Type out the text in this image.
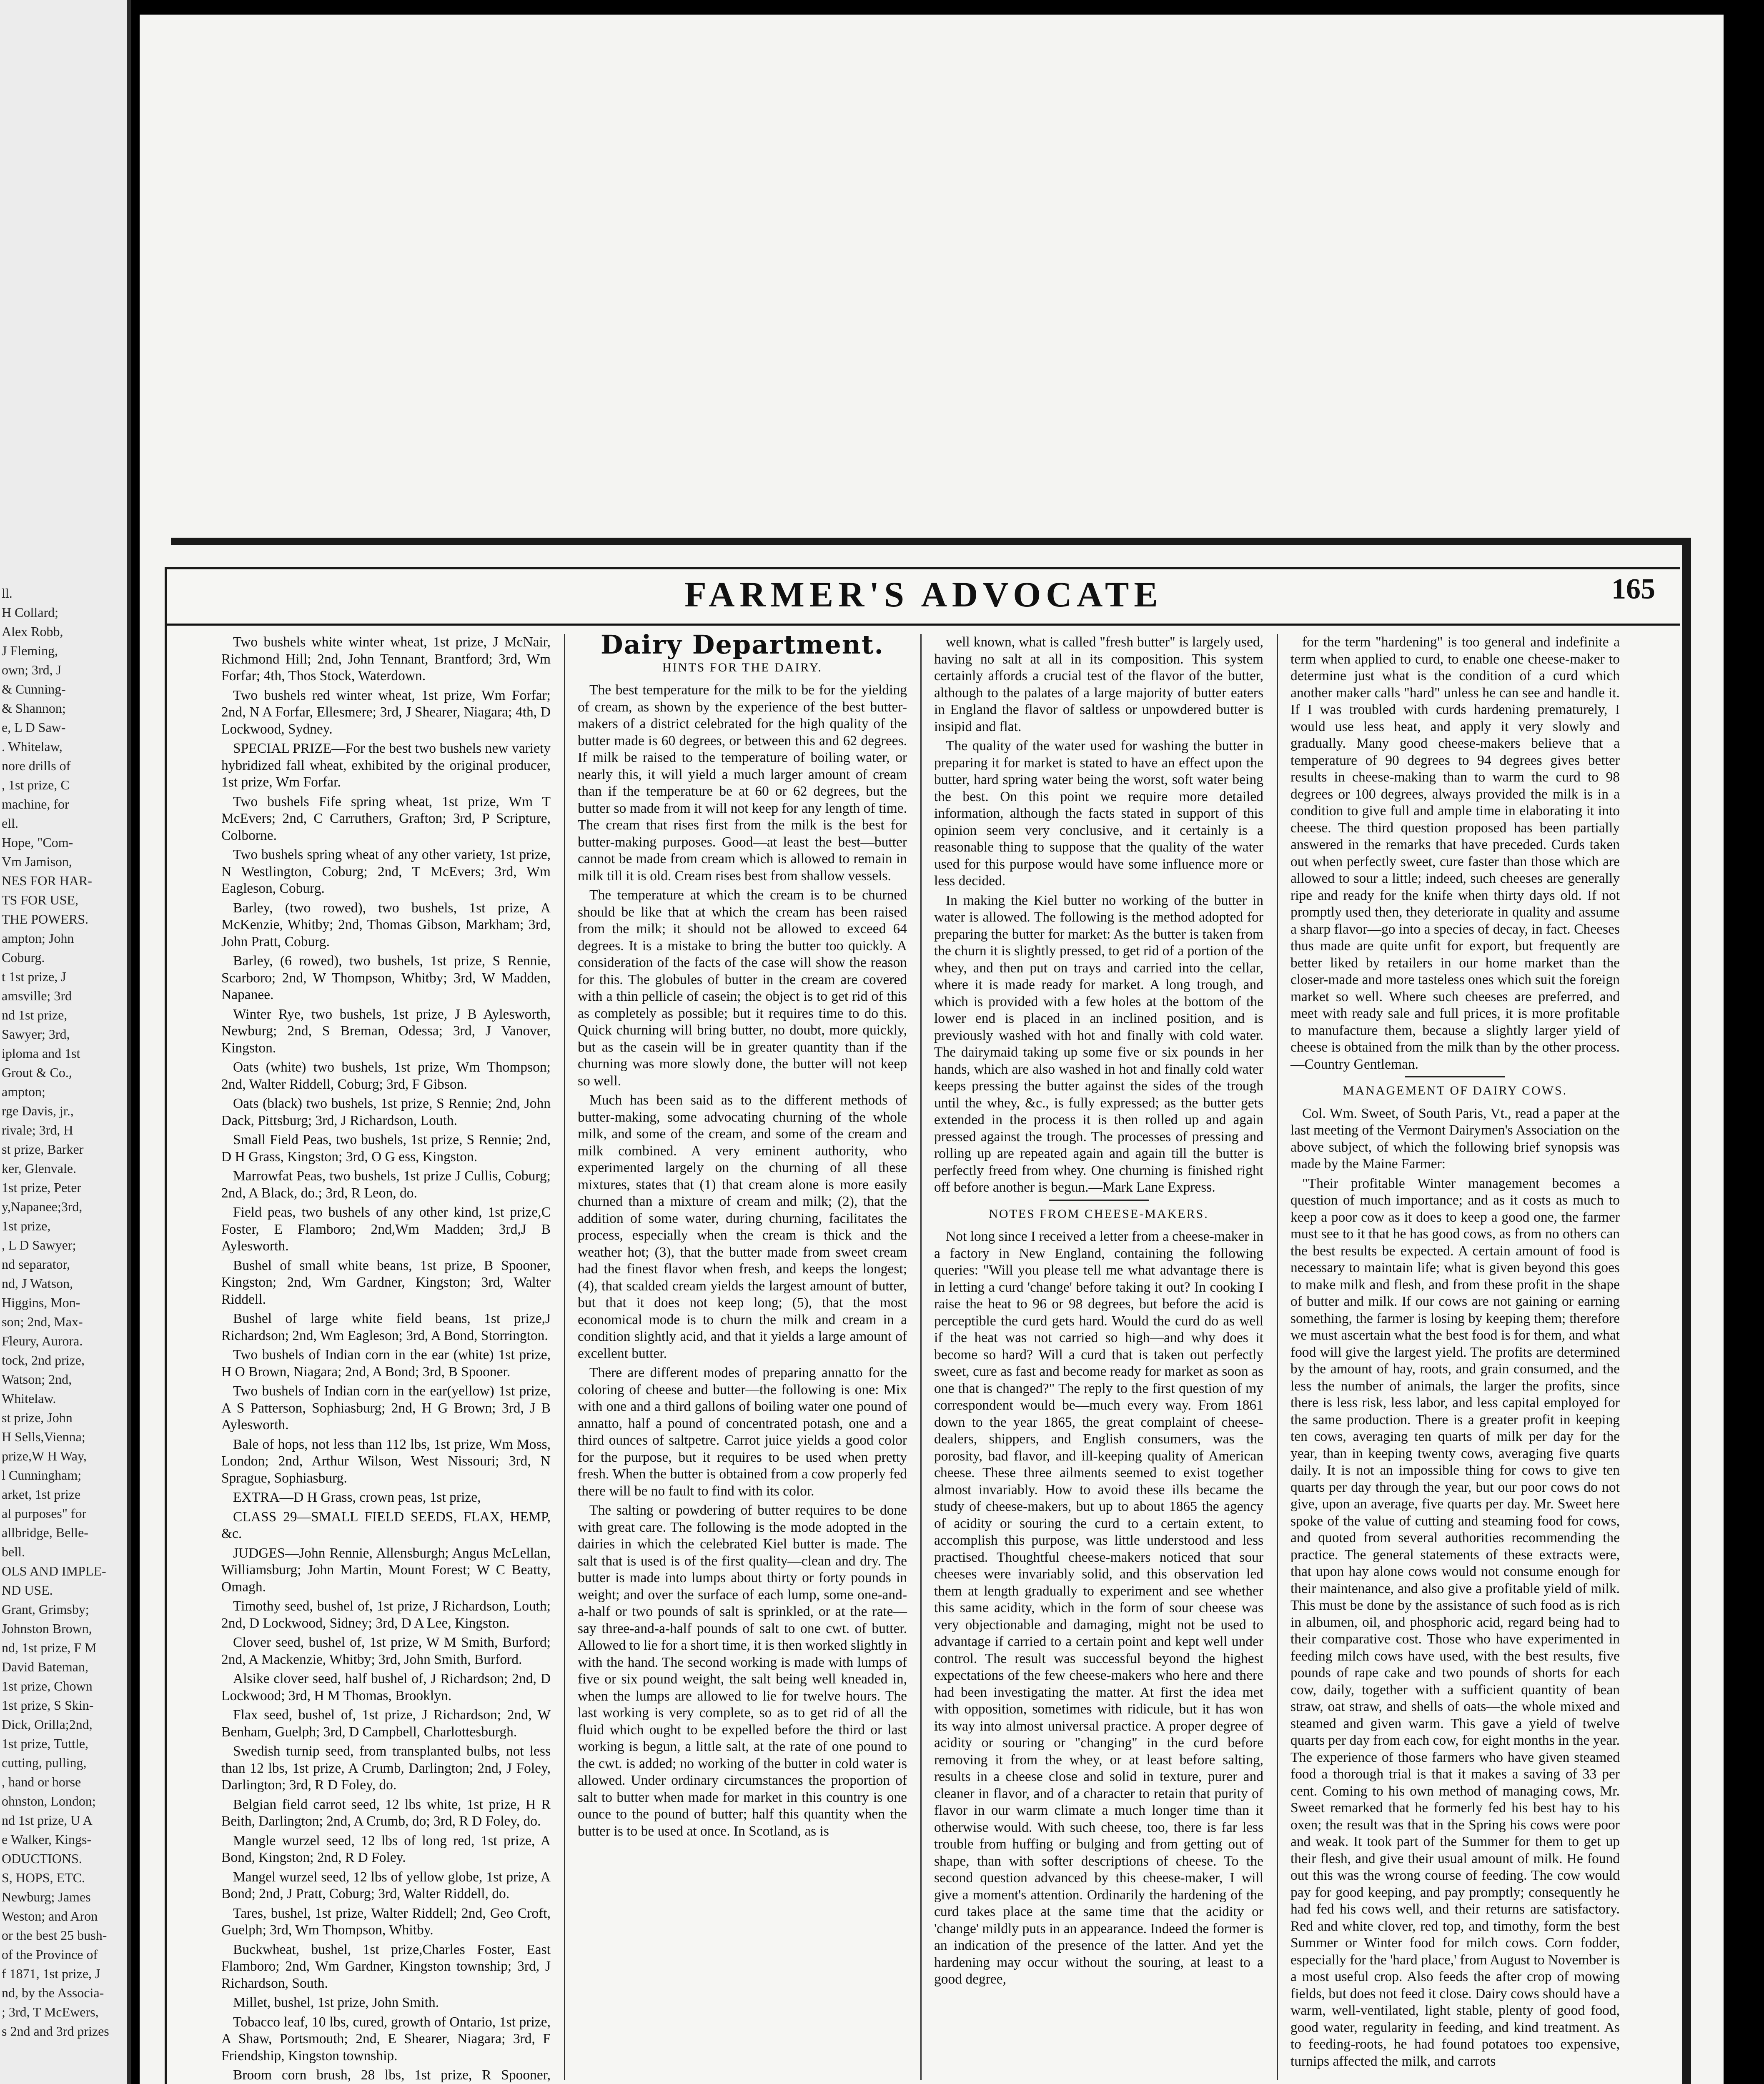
ll.
H Collard;
Alex Robb,
J Fleming,
own; 3rd, J
& Cunning-
& Shannon;
e, L D Saw-
. Whitelaw,
nore drills of
, 1st prize, C
machine, for
ell.
Hope, "Com-
Vm Jamison,
NES FOR HAR-
TS FOR USE,
THE POWERS.
ampton; John
Coburg.
t 1st prize, J
amsville; 3rd
nd 1st prize,
Sawyer; 3rd,
iploma and 1st
Grout & Co.,
ampton;
rge Davis, jr.,
rivale; 3rd, H
st prize, Barker
ker, Glenvale.
1st prize, Peter
y,Napanee;3rd,
1st prize,
, L D Sawyer;
nd separator,
nd, J Watson,
Higgins, Mon-
son; 2nd, Max-
Fleury, Aurora.
tock, 2nd prize,
Watson; 2nd,
Whitelaw.
st prize, John
H Sells,Vienna;
prize,W H Way,
l Cunningham;
arket, 1st prize
al purposes" for
allbridge, Belle-
bell.
OLS AND IMPLE-
ND USE.
Grant, Grimsby;
Johnston Brown,
nd, 1st prize, F M
David Bateman,
1st prize, Chown
1st prize, S Skin-
Dick, Orilla;2nd,
1st prize, Tuttle,
cutting, pulling,
, hand or horse
ohnston, London;
nd 1st prize, U A
e Walker, Kings-
ODUCTIONS.
S, HOPS, ETC.
Newburg; James
Weston; and Aron
or the best 25 bush-
of the Province of
f 1871, 1st prize, J
nd, by the Associa-
; 3rd, T McEwers,
s 2nd and 3rd prizes
FARMER'S ADVOCATE	165

Two bushels white winter wheat, 1st prize, J McNair, Richmond Hill; 2nd, John Tennant, Brantford; 3rd, Wm Forfar; 4th, Thos Stock, Waterdown.

Two bushels red winter wheat, 1st prize, Wm Forfar; 2nd, N A Forfar, Ellesmere; 3rd, J Shearer, Niagara; 4th, D Lockwood, Sydney.

SPECIAL PRIZE—For the best two bushels new variety hybridized fall wheat, exhibited by the original producer, 1st prize, Wm Forfar.

Two bushels Fife spring wheat, 1st prize, Wm T McEvers; 2nd, C Carruthers, Grafton; 3rd, P Scripture, Colborne.

Two bushels spring wheat of any other variety, 1st prize, N Westlington, Coburg; 2nd, T McEvers; 3rd, Wm Eagleson, Coburg.

Barley, (two rowed), two bushels, 1st prize, A McKenzie, Whitby; 2nd, Thomas Gibson, Markham; 3rd, John Pratt, Coburg.

Barley, (6 rowed), two bushels, 1st prize, S Rennie, Scarboro; 2nd, W Thompson, Whitby; 3rd, W Madden, Napanee.

Winter Rye, two bushels, 1st prize, J B Aylesworth, Newburg; 2nd, S Breman, Odessa; 3rd, J Vanover, Kingston.

Oats (white) two bushels, 1st prize, Wm Thompson; 2nd, Walter Riddell, Coburg; 3rd, F Gibson.

Oats (black) two bushels, 1st prize, S Rennie; 2nd, John Dack, Pittsburg; 3rd, J Richardson, Louth.

Small Field Peas, two bushels, 1st prize, S Rennie; 2nd, D H Grass, Kingston; 3rd, O G ess, Kingston.

Marrowfat Peas, two bushels, 1st prize J Cullis, Coburg; 2nd, A Black, do.; 3rd, R Leon, do.

Field peas, two bushels of any other kind, 1st prize,C Foster, E Flamboro; 2nd,Wm Madden; 3rd,J B Aylesworth.

Bushel of small white beans, 1st prize, B Spooner, Kingston; 2nd, Wm Gardner, Kingston; 3rd, Walter Riddell.

Bushel of large white field beans, 1st prize,J Richardson; 2nd, Wm Eagleson; 3rd, A Bond, Storrington.

Two bushels of Indian corn in the ear (white) 1st prize, H O Brown, Niagara; 2nd, A Bond; 3rd, B Spooner.

Two bushels of Indian corn in the ear(yellow) 1st prize, A S Patterson, Sophiasburg; 2nd, H G Brown; 3rd, J B Aylesworth.

Bale of hops, not less than 112 lbs, 1st prize, Wm Moss, London; 2nd, Arthur Wilson, West Nissouri; 3rd, N Sprague, Sophiasburg.

EXTRA—D H Grass, crown peas, 1st prize,

CLASS 29—SMALL FIELD SEEDS, FLAX, HEMP, &c.

JUDGES—John Rennie, Allensburgh; Angus McLellan, Williamsburg; John Martin, Mount Forest; W C Beatty, Omagh.

Timothy seed, bushel of, 1st prize, J Richardson, Louth; 2nd, D Lockwood, Sidney; 3rd, D A Lee, Kingston.

Clover seed, bushel of, 1st prize, W M Smith, Burford; 2nd, A Mackenzie, Whitby; 3rd, John Smith, Burford.

Alsike clover seed, half bushel of, J Richardson; 2nd, D Lockwood; 3rd, H M Thomas, Brooklyn.

Flax seed, bushel of, 1st prize, J Richardson; 2nd, W Benham, Guelph; 3rd, D Campbell, Charlottesburgh.

Swedish turnip seed, from transplanted bulbs, not less than 12 lbs, 1st prize, A Crumb, Darlington; 2nd, J Foley, Darlington; 3rd, R D Foley, do.

Belgian field carrot seed, 12 lbs white, 1st prize, H R Beith, Darlington; 2nd, A Crumb, do; 3rd, R D Foley, do.

Mangle wurzel seed, 12 lbs of long red, 1st prize, A Bond, Kingston; 2nd, R D Foley.

Mangel wurzel seed, 12 lbs of yellow globe, 1st prize, A Bond; 2nd, J Pratt, Coburg; 3rd, Walter Riddell, do.

Tares, bushel, 1st prize, Walter Riddell; 2nd, Geo Croft, Guelph; 3rd, Wm Thompson, Whitby.

Buckwheat, bushel, 1st prize,Charles Foster, East Flamboro; 2nd, Wm Gardner, Kingston township; 3rd, J Richardson, South.

Millet, bushel, 1st prize, John Smith.

Tobacco leaf, 10 lbs, cured, growth of Ontario, 1st prize, A Shaw, Portsmouth; 2nd, E Shearer, Niagara; 3rd, F Friendship, Kingston township.

Broom corn brush, 28 lbs, 1st prize, R Spooner,

Dairy Department.
HINTS FOR THE DAIRY.

The best temperature for the milk to be for the yielding of cream, as shown by the experience of the best butter-makers of a district celebrated for the high quality of the butter made is 60 degrees, or between this and 62 degrees. If milk be raised to the temperature of boiling water, or nearly this, it will yield a much larger amount of cream than if the temperature be at 60 or 62 degrees, but the butter so made from it will not keep for any length of time. The cream that rises first from the milk is the best for butter-making purposes. Good—at least the best—butter cannot be made from cream which is allowed to remain in milk till it is old. Cream rises best from shallow vessels.

The temperature at which the cream is to be churned should be like that at which the cream has been raised from the milk; it should not be allowed to exceed 64 degrees. It is a mistake to bring the butter too quickly. A consideration of the facts of the case will show the reason for this. The globules of butter in the cream are covered with a thin pellicle of casein; the object is to get rid of this as completely as possible; but it requires time to do this. Quick churning will bring butter, no doubt, more quickly, but as the casein will be in greater quantity than if the churning was more slowly done, the butter will not keep so well.

Much has been said as to the different methods of butter-making, some advocating churning of the whole milk, and some of the cream, and some of the cream and milk combined. A very eminent authority, who experimented largely on the churning of all these mixtures, states that (1) that cream alone is more easily churned than a mixture of cream and milk; (2), that the addition of some water, during churning, facilitates the process, especially when the cream is thick and the weather hot; (3), that the butter made from sweet cream had the finest flavor when fresh, and keeps the longest; (4), that scalded cream yields the largest amount of butter, but that it does not keep long; (5), that the most economical mode is to churn the milk and cream in a condition slightly acid, and that it yields a large amount of excellent butter.

There are different modes of preparing annatto for the coloring of cheese and butter—the following is one: Mix with one and a third gallons of boiling water one pound of annatto, half a pound of concentrated potash, one and a third ounces of saltpetre. Carrot juice yields a good color for the purpose, but it requires to be used when pretty fresh. When the butter is obtained from a cow properly fed there will be no fault to find with its color.

The salting or powdering of butter requires to be done with great care. The following is the mode adopted in the dairies in which the celebrated Kiel butter is made. The salt that is used is of the first quality—clean and dry. The butter is made into lumps about thirty or forty pounds in weight; and over the surface of each lump, some one-and-a-half or two pounds of salt is sprinkled, or at the rate—say three-and-a-half pounds of salt to one cwt. of butter. Allowed to lie for a short time, it is then worked slightly in with the hand. The second working is made with lumps of five or six pound weight, the salt being well kneaded in, when the lumps are allowed to lie for twelve hours. The last working is very complete, so as to get rid of all the fluid which ought to be expelled before the third or last working is begun, a little salt, at the rate of one pound to the cwt. is added; no working of the butter in cold water is allowed. Under ordinary circumstances the proportion of salt to butter when made for market in this country is one ounce to the pound of butter; half this quantity when the butter is to be used at once. In Scotland, as is

well known, what is called "fresh butter" is largely used, having no salt at all in its composition. This system certainly affords a crucial test of the flavor of the butter, although to the palates of a large majority of butter eaters in England the flavor of saltless or unpowdered butter is insipid and flat.

The quality of the water used for washing the butter in preparing it for market is stated to have an effect upon the butter, hard spring water being the worst, soft water being the best. On this point we require more detailed information, although the facts stated in support of this opinion seem very conclusive, and it certainly is a reasonable thing to suppose that the quality of the water used for this purpose would have some influence more or less decided.

In making the Kiel butter no working of the butter in water is allowed. The following is the method adopted for preparing the butter for market: As the butter is taken from the churn it is slightly pressed, to get rid of a portion of the whey, and then put on trays and carried into the cellar, where it is made ready for market. A long trough, and which is provided with a few holes at the bottom of the lower end is placed in an inclined position, and is previously washed with hot and finally with cold water. The dairymaid taking up some five or six pounds in her hands, which are also washed in hot and finally cold water keeps pressing the butter against the sides of the trough until the whey, &c., is fully expressed; as the butter gets extended in the process it is then rolled up and again pressed against the trough. The processes of pressing and rolling up are repeated again and again till the butter is perfectly freed from whey. One churning is finished right off before another is begun.—Mark Lane Express.

NOTES FROM CHEESE-MAKERS.

Not long since I received a letter from a cheese-maker in a factory in New England, containing the following queries: "Will you please tell me what advantage there is in letting a curd 'change' before taking it out? In cooking I raise the heat to 96 or 98 degrees, but before the acid is perceptible the curd gets hard. Would the curd do as well if the heat was not carried so high—and why does it become so hard? Will a curd that is taken out perfectly sweet, cure as fast and become ready for market as soon as one that is changed?" The reply to the first question of my correspondent would be—much every way. From 1861 down to the year 1865, the great complaint of cheese-dealers, shippers, and English consumers, was the porosity, bad flavor, and ill-keeping quality of American cheese. These three ailments seemed to exist together almost invariably. How to avoid these ills became the study of cheese-makers, but up to about 1865 the agency of acidity or souring the curd to a certain extent, to accomplish this purpose, was little understood and less practised. Thoughtful cheese-makers noticed that sour cheeses were invariably solid, and this observation led them at length gradually to experiment and see whether this same acidity, which in the form of sour cheese was very objectionable and damaging, might not be used to advantage if carried to a certain point and kept well under control. The result was successful beyond the highest expectations of the few cheese-makers who here and there had been investigating the matter. At first the idea met with opposition, sometimes with ridicule, but it has won its way into almost universal practice. A proper degree of acidity or souring or "changing" in the curd before removing it from the whey, or at least before salting, results in a cheese close and solid in texture, purer and cleaner in flavor, and of a character to retain that purity of flavor in our warm climate a much longer time than it otherwise would. With such cheese, too, there is far less trouble from huffing or bulging and from getting out of shape, than with softer descriptions of cheese. To the second question advanced by this cheese-maker, I will give a moment's attention. Ordinarily the hardening of the curd takes place at the same time that the acidity or 'change' mildly puts in an appearance. Indeed the former is an indication of the presence of the latter. And yet the hardening may occur without the souring, at least to a good degree,

for the term "hardening" is too general and indefinite a term when applied to curd, to enable one cheese-maker to determine just what is the condition of a curd which another maker calls "hard" unless he can see and handle it. If I was troubled with curds hardening prematurely, I would use less heat, and apply it very slowly and gradually. Many good cheese-makers believe that a temperature of 90 degrees to 94 degrees gives better results in cheese-making than to warm the curd to 98 degrees or 100 degrees, always provided the milk is in a condition to give full and ample time in elaborating it into cheese. The third question proposed has been partially answered in the remarks that have preceded. Curds taken out when perfectly sweet, cure faster than those which are allowed to sour a little; indeed, such cheeses are generally ripe and ready for the knife when thirty days old. If not promptly used then, they deteriorate in quality and assume a sharp flavor—go into a species of decay, in fact. Cheeses thus made are quite unfit for export, but frequently are better liked by retailers in our home market than the closer-made and more tasteless ones which suit the foreign market so well. Where such cheeses are preferred, and meet with ready sale and full prices, it is more profitable to manufacture them, because a slightly larger yield of cheese is obtained from the milk than by the other process.—Country Gentleman.

MANAGEMENT OF DAIRY COWS.

Col. Wm. Sweet, of South Paris, Vt., read a paper at the last meeting of the Vermont Dairymen's Association on the above subject, of which the following brief synopsis was made by the Maine Farmer:

"Their profitable Winter management becomes a question of much importance; and as it costs as much to keep a poor cow as it does to keep a good one, the farmer must see to it that he has good cows, as from no others can the best results be expected. A certain amount of food is necessary to maintain life; what is given beyond this goes to make milk and flesh, and from these profit in the shape of butter and milk. If our cows are not gaining or earning something, the farmer is losing by keeping them; therefore we must ascertain what the best food is for them, and what food will give the largest yield. The profits are determined by the amount of hay, roots, and grain consumed, and the less the number of animals, the larger the profits, since there is less risk, less labor, and less capital employed for the same production. There is a greater profit in keeping ten cows, averaging ten quarts of milk per day for the year, than in keeping twenty cows, averaging five quarts daily. It is not an impossible thing for cows to give ten quarts per day through the year, but our poor cows do not give, upon an average, five quarts per day. Mr. Sweet here spoke of the value of cutting and steaming food for cows, and quoted from several authorities recommending the practice. The general statements of these extracts were, that upon hay alone cows would not consume enough for their maintenance, and also give a profitable yield of milk. This must be done by the assistance of such food as is rich in albumen, oil, and phosphoric acid, regard being had to their comparative cost. Those who have experimented in feeding milch cows have used, with the best results, five pounds of rape cake and two pounds of shorts for each cow, daily, together with a sufficient quantity of bean straw, oat straw, and shells of oats—the whole mixed and steamed and given warm. This gave a yield of twelve quarts per day from each cow, for eight months in the year. The experience of those farmers who have given steamed food a thorough trial is that it makes a saving of 33 per cent. Coming to his own method of managing cows, Mr. Sweet remarked that he formerly fed his best hay to his oxen; the result was that in the Spring his cows were poor and weak. It took part of the Summer for them to get up their flesh, and give their usual amount of milk. He found out this was the wrong course of feeding. The cow would pay for good keeping, and pay promptly; consequently he had fed his cows well, and their returns are satisfactory. Red and white clover, red top, and timothy, form the best Summer or Winter food for milch cows. Corn fodder, especially for the 'hard place,' from August to November is a most useful crop. Also feeds the after crop of mowing fields, but does not feed it close. Dairy cows should have a warm, well-ventilated, light stable, plenty of good food, good water, regularity in feeding, and kind treatment. As to feeding-roots, he had found potatoes too expensive, turnips affected the milk, and carrots
